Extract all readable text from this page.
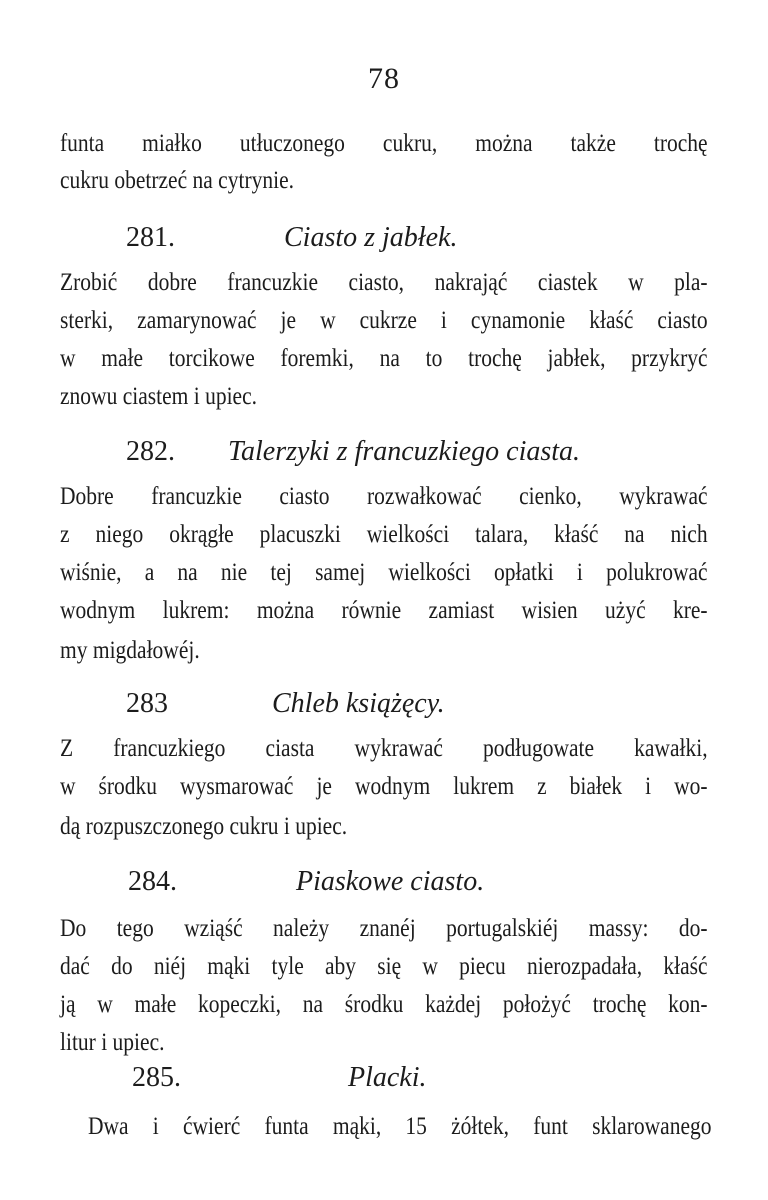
78
funta miałko utłuczonego cukru, można także trochę
cukru obetrzeć na cytrynie.
281.	Ciasto z jabłek.
Zrobić dobre francuzkie ciasto, nakrająć ciastek w pla-
sterki, zamarynować je w cukrze i cynamonie kłaść ciasto
w małe torcikowe foremki, na to trochę jabłek, przykryć
znowu ciastem i upiec.
282. Talerzyki z francuzkiego ciasta.
Dobre francuzkie ciasto rozwałkować cienko, wykrawać
z niego okrągłe placuszki wielkości talara, kłaść na nich
wiśnie, a na nie tej samej wielkości opłatki i polukrować
wodnym lukrem: można równie zamiast wisien użyć kre-
my migdałowéj.
283	Chleb książęcy.
Z francuzkiego ciasta wykrawać podługowate kawałki,
w środku wysmarować je wodnym lukrem z białek i wo-
dą rozpuszczonego cukru i upiec.
284.	Piaskowe ciasto.
Do tego wziąść należy znanéj portugalskiéj massy: do-
dać do niéj mąki tyle aby się w piecu nierozpadała, kłaść
ją w małe kopeczki, na środku każdej położyć trochę kon-
litur i upiec.
285.	Placki.
Dwa i ćwierć funta mąki, 15 żółtek, funt sklarowanego
